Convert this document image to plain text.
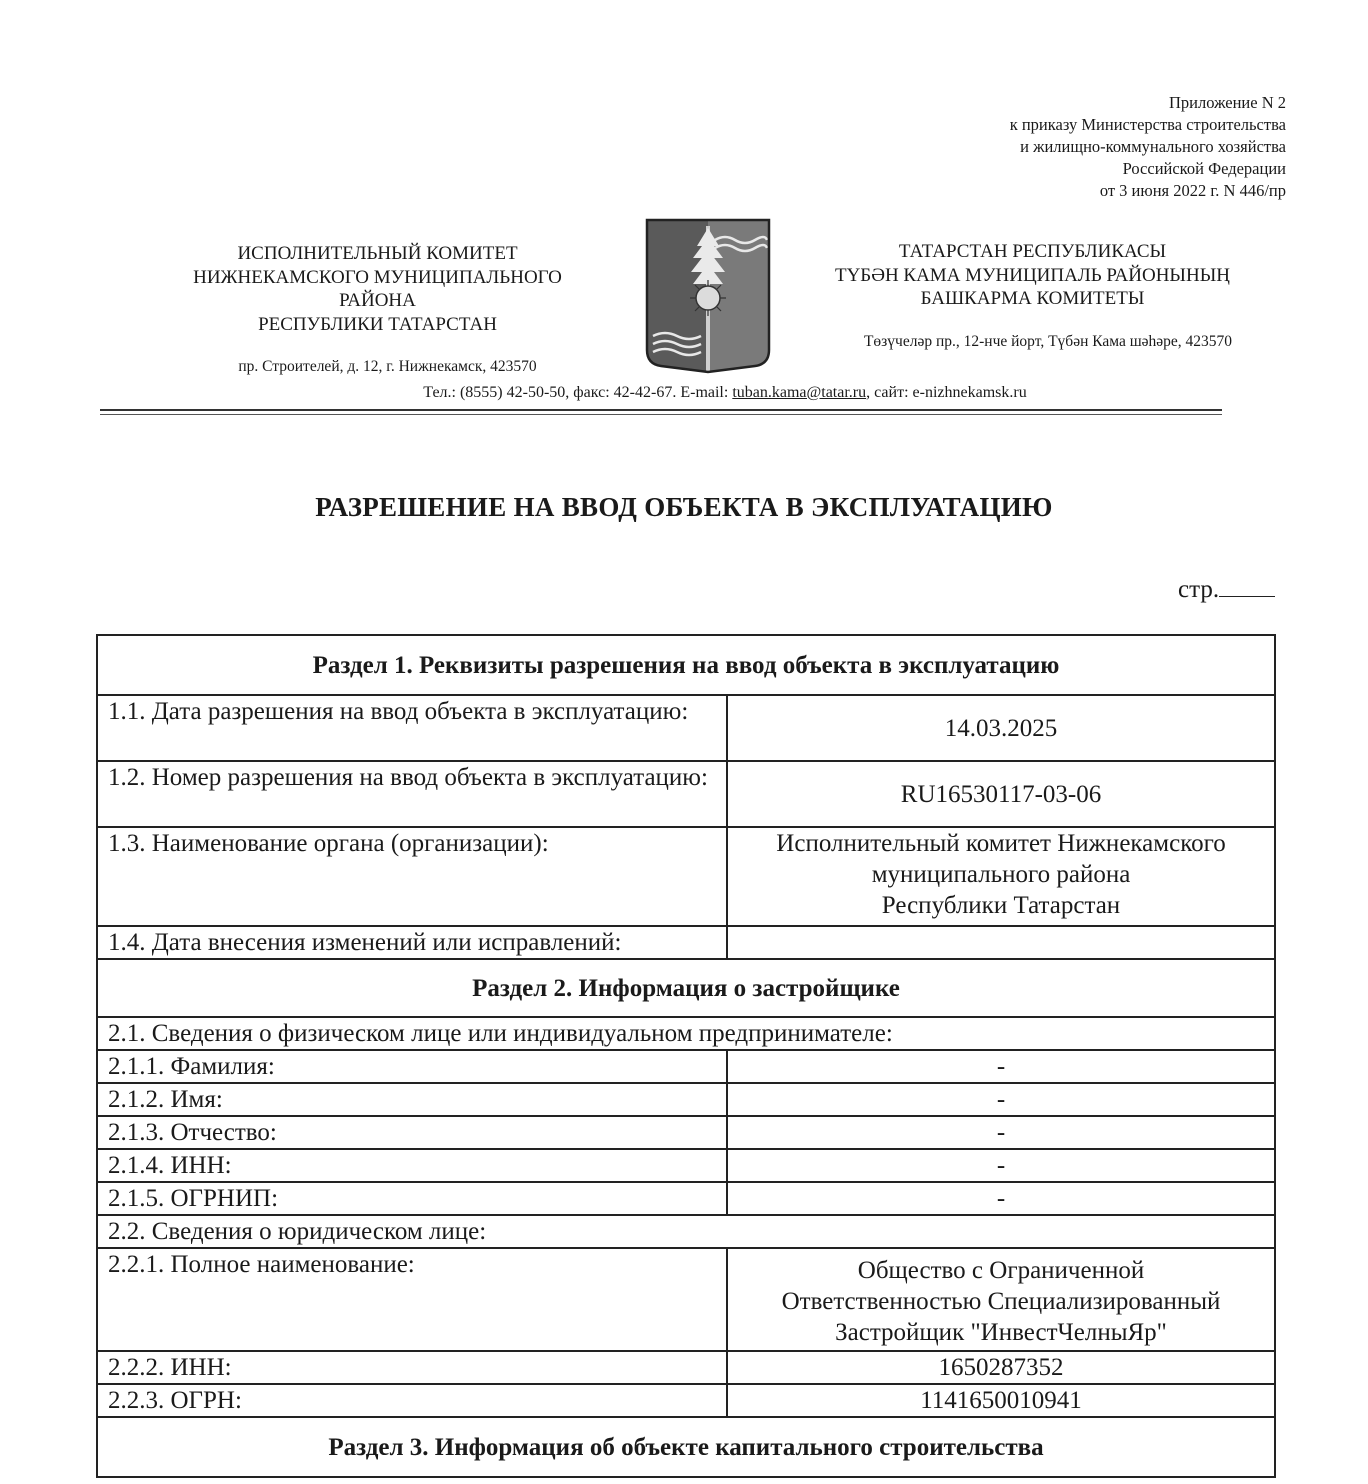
Приложение N 2
к приказу Министерства строительства
и жилищно-коммунального хозяйства
Российской Федерации
от 3 июня 2022 г. N 446/пр
ИСПОЛНИТЕЛЬНЫЙ КОМИТЕТ
НИЖНЕКАМСКОГО МУНИЦИПАЛЬНОГО
РАЙОНА
РЕСПУБЛИКИ ТАТАРСТАН
пр. Строителей, д. 12, г. Нижнекамск, 423570
ТАТАРСТАН РЕСПУБЛИКАСЫ
ТҮБӘН КАМА МУНИЦИПАЛЬ РАЙОНЫНЫҢ
БАШКАРМА КОМИТЕТЫ
Төзүчеләр пр., 12-нче йорт, Түбән Кама шәһәре, 423570
Тел.: (8555) 42-50-50, факс: 42-42-67. E-mail: tuban.kama@tatar.ru, сайт: e-nizhnekamsk.ru
РАЗРЕШЕНИЕ НА ВВОД ОБЪЕКТА В ЭКСПЛУАТАЦИЮ
стр.
Раздел 1. Реквизиты разрешения на ввод объекта в эксплуатацию	
1.1. Дата разрешения на ввод объекта в эксплуатацию:	14.03.2025
1.2. Номер разрешения на ввод объекта в эксплуатацию:	RU16530117-03-06
1.3. Наименование органа (организации):	Исполнительный комитет Нижнекамского
муниципального района
Республики Татарстан

1.4. Дата внесения изменений или исправлений:	
Раздел 2. Информация о застройщике	
2.1. Сведения о физическом лице или индивидуальном предпринимателе:	
2.1.1. Фамилия:	-
2.1.2. Имя:	-
2.1.3. Отчество:	-
2.1.4. ИНН:	-
2.1.5. ОГРНИП:	-
2.2. Сведения о юридическом лице:	
2.2.1. Полное наименование:	Общество с Ограниченной
Ответственностью Специализированный
Застройщик "ИнвестЧелныЯр"

2.2.2. ИНН:	1650287352
2.2.3. ОГРН:	1141650010941
Раздел 3. Информация об объекте капитального строительства	
